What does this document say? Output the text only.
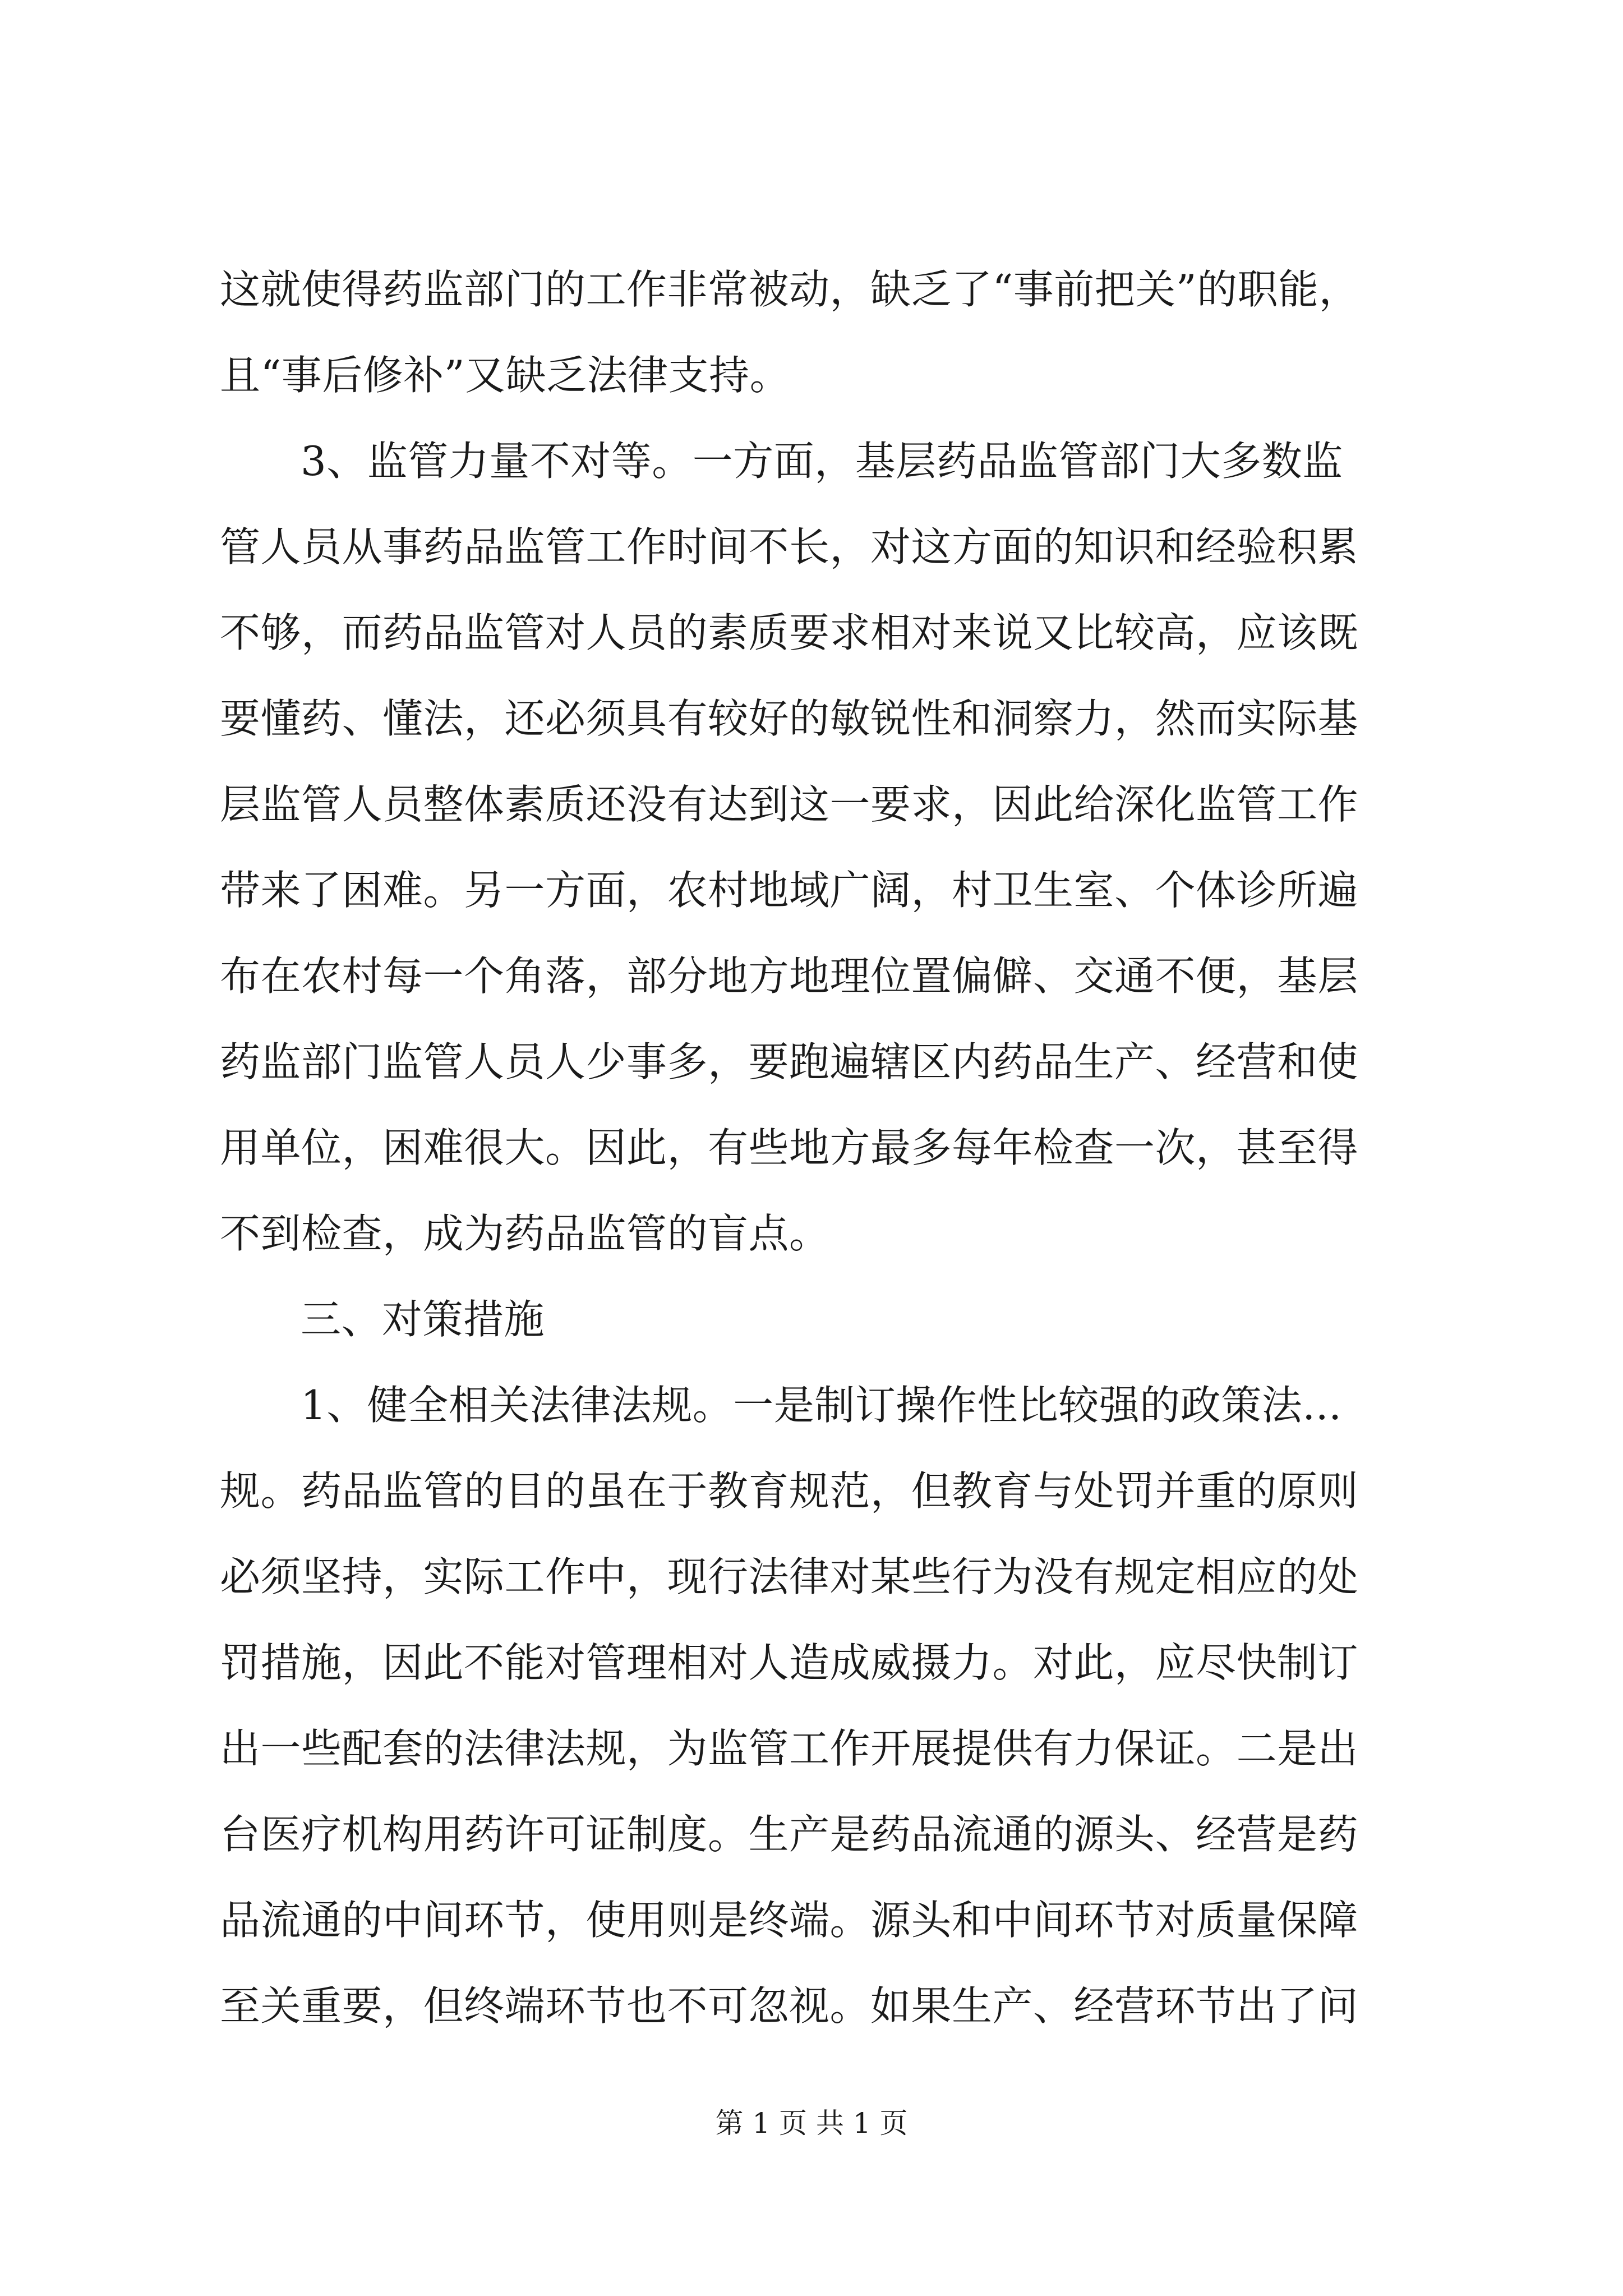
这就使得药监部门的工作非常被动，缺乏了“事前把关”的职能，
且“事后修补”又缺乏法律支持。
3、监管力量不对等。一方面，基层药品监管部门大多数监
管人员从事药品监管工作时间不长，对这方面的知识和经验积累
不够，而药品监管对人员的素质要求相对来说又比较高，应该既
要懂药、懂法，还必须具有较好的敏锐性和洞察力，然而实际基
层监管人员整体素质还没有达到这一要求，因此给深化监管工作
带来了困难。另一方面，农村地域广阔，村卫生室、个体诊所遍
布在农村每一个角落，部分地方地理位置偏僻、交通不便，基层
药监部门监管人员人少事多，要跑遍辖区内药品生产、经营和使
用单位，困难很大。因此，有些地方最多每年检查一次，甚至得
不到检查，成为药品监管的盲点。
三、对策措施
1、健全相关法律法规。一是制订操作性比较强的政策法...
规。药品监管的目的虽在于教育规范，但教育与处罚并重的原则
必须坚持，实际工作中，现行法律对某些行为没有规定相应的处
罚措施，因此不能对管理相对人造成威摄力。对此，应尽快制订
出一些配套的法律法规，为监管工作开展提供有力保证。二是出
台医疗机构用药许可证制度。生产是药品流通的源头、经营是药
品流通的中间环节，使用则是终端。源头和中间环节对质量保障
至关重要，但终端环节也不可忽视。如果生产、经营环节出了问
第 1 页 共 1 页
